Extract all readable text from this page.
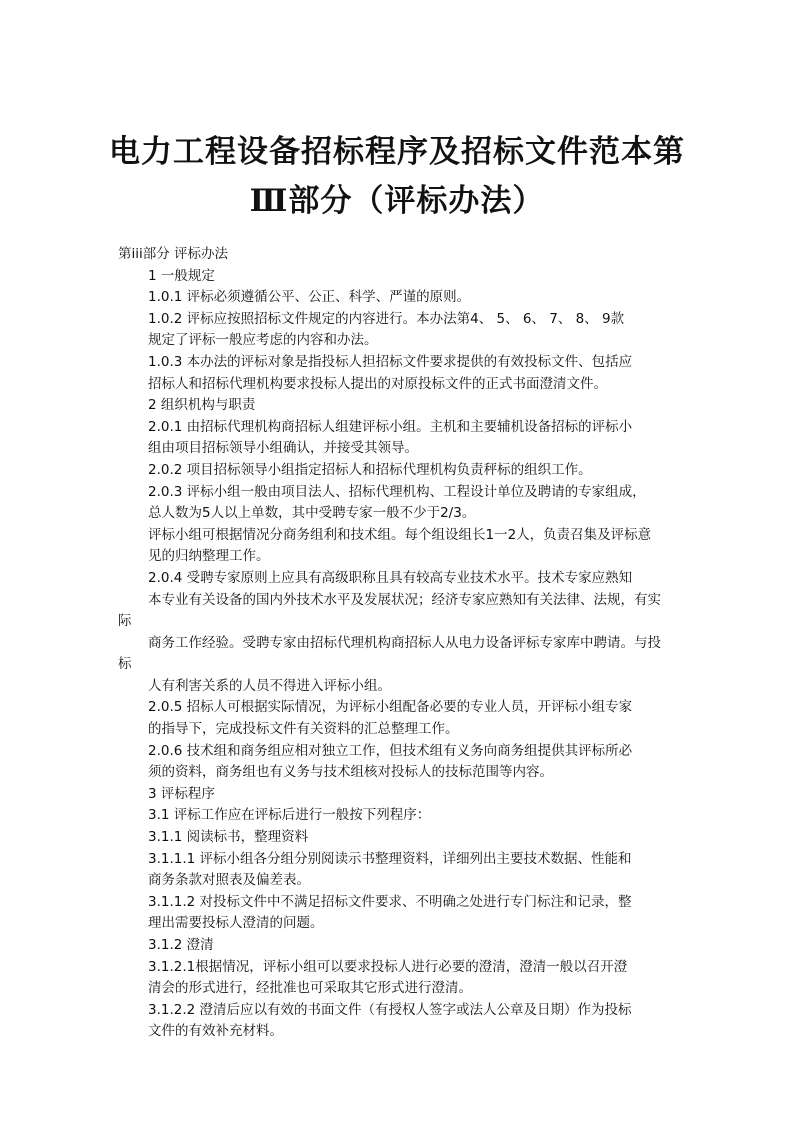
电力工程设备招标程序及招标文件范本第
Ⅲ部分（评标办法）
第iii部分 评标办法
1 一般规定
1.0.1 评标必须遵循公平、公正、科学、严谨的原则。
1.0.2 评标应按照招标文件规定的内容进行。本办法第4、 5、 6、 7、 8、 9款
规定了评标一般应考虑的内容和办法。
1.0.3 本办法的评标对象是指投标人担招标文件要求提供的有效投标文件、包括应
招标人和招标代理机构要求投标人提出的对原投标文件的正式书面澄清文件。
2 组织机构与职责
2.0.1 由招标代理机构商招标人组建评标小组。主机和主要辅机设备招标的评标小
组由项目招标领导小组确认，并接受其领导。
2.0.2 项目招标领导小组指定招标人和招标代理机构负责秤标的组织工作。
2.0.3 评标小组一般由项目法人、招标代理机构、工程设计单位及聘请的专家组成，
总人数为5人以上单数，其中受聘专家一般不少于2/3。
评标小组可根据情况分商务组利和技术组。每个组设组长1一2人，负责召集及评标意
见的归纳整理工作。
2.0.4 受聘专家原则上应具有高级职称且具有较高专业技术水平。技术专家应熟知
本专业有关设备的国内外技术水平及发展状况；经济专家应熟知有关法律、法规，有实
际
商务工作经验。受聘专家由招标代理机构商招标人从电力设备评标专家库中聘请。与投
标
人有利害关系的人员不得进入评标小组。
2.0.5 招标人可根据实际情况，为评标小组配备必要的专业人员，开评标小组专家
的指导下，完成投标文件有关资料的汇总整理工作。
2.0.6 技术组和商务组应相对独立工作，但技术组有义务向商务组提供其评标所必
须的资料，商务组也有义务与技术组核对投标人的技标范围等内容。
3 评标程序
3.1 评标工作应在评标后进行一般按下列程序：
3.1.1 阅读标书，整理资料
3.1.1.1 评标小组各分组分别阅读示书整理资料，详细列出主要技术数据、性能和
商务条款对照表及偏差表。
3.1.1.2 对投标文件中不满足招标文件要求、不明确之处进行专门标注和记录，整
理出需要投标人澄清的问题。
3.1.2 澄清
3.1.2.1根据情况，评标小组可以要求投标人进行必要的澄清，澄清一般以召开澄
清会的形式进行，经批准也可采取其它形式进行澄清。
3.1.2.2 澄清后应以有效的书面文件（有授权人签字或法人公章及日期）作为投标
文件的有效补充材料。
